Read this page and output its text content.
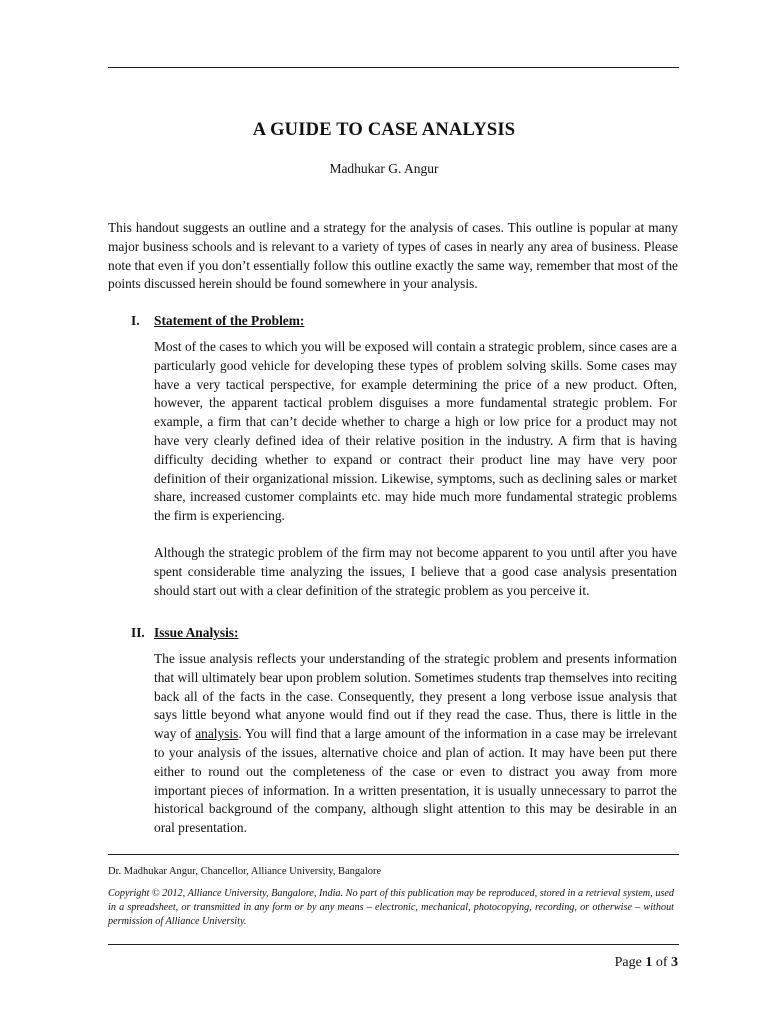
A GUIDE TO CASE ANALYSIS
Madhukar G. Angur

This handout suggests an outline and a strategy for the analysis of cases. This outline is popular at many major business schools and is relevant to a variety of types of cases in nearly any area of business. Please note that even if you don’t essentially follow this outline exactly the same way, remember that most of the points discussed herein should be found somewhere in your analysis.

I.	Statement of the Problem:

Most of the cases to which you will be exposed will contain a strategic problem, since cases are a particularly good vehicle for developing these types of problem solving skills. Some cases may have a very tactical perspective, for example determining the price of a new product. Often, however, the apparent tactical problem disguises a more fundamental strategic problem. For example, a firm that can’t decide whether to charge a high or low price for a product may not have very clearly defined idea of their relative position in the industry. A firm that is having difficulty deciding whether to expand or contract their product line may have very poor definition of their organizational mission. Likewise, symptoms, such as declining sales or market share, increased customer complaints etc. may hide much more fundamental strategic problems the firm is experiencing.

Although the strategic problem of the firm may not become apparent to you until after you have spent considerable time analyzing the issues, I believe that a good case analysis presentation should start out with a clear definition of the strategic problem as you perceive it.

II. Issue Analysis:

The issue analysis reflects your understanding of the strategic problem and presents information that will ultimately bear upon problem solution. Sometimes students trap themselves into reciting back all of the facts in the case. Consequently, they present a long verbose issue analysis that says little beyond what anyone would find out if they read the case. Thus, there is little in the way of analysis. You will find that a large amount of the information in a case may be irrelevant to your analysis of the issues, alternative choice and plan of action. It may have been put there either to round out the completeness of the case or even to distract you away from more important pieces of information. In a written presentation, it is usually unnecessary to parrot the historical background of the company, although slight attention to this may be desirable in an oral presentation.

Dr. Madhukar Angur, Chancellor, Alliance University, Bangalore
Copyright © 2012, Alliance University, Bangalore, India. No part of this publication may be reproduced, stored in a retrieval system, used in a spreadsheet, or transmitted in any form or by any means – electronic, mechanical, photocopying, recording, or otherwise – without permission of Alliance University.
Page 1 of 3
